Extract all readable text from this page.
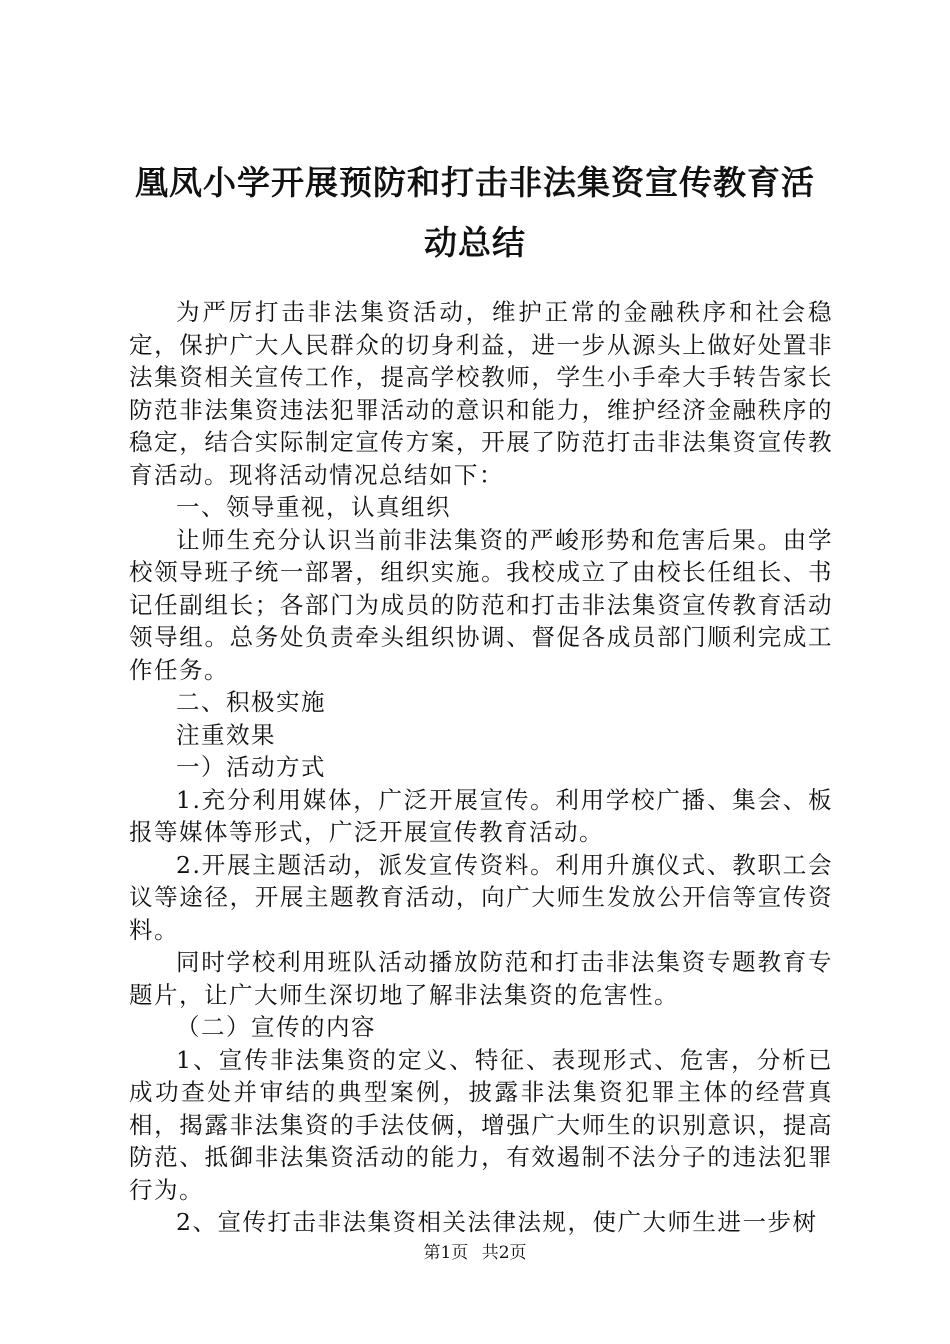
凰凤小学开展预防和打击非法集资宣传教育活
动总结

为严厉打击非法集资活动，维护正常的金融秩序和社会稳定，保护广大人民群众的切身利益，进一步从源头上做好处置非法集资相关宣传工作，提高学校教师，学生小手牵大手转告家长防范非法集资违法犯罪活动的意识和能力，维护经济金融秩序的稳定，结合实际制定宣传方案，开展了防范打击非法集资宣传教育活动。现将活动情况总结如下：

一、领导重视，认真组织

让师生充分认识当前非法集资的严峻形势和危害后果。由学校领导班子统一部署，组织实施。我校成立了由校长任组长、书记任副组长；各部门为成员的防范和打击非法集资宣传教育活动领导组。总务处负责牵头组织协调、督促各成员部门顺利完成工作任务。

二、积极实施

注重效果

一）活动方式

1.充分利用媒体，广泛开展宣传。利用学校广播、集会、板报等媒体等形式，广泛开展宣传教育活动。

2.开展主题活动，派发宣传资料。利用升旗仪式、教职工会议等途径，开展主题教育活动，向广大师生发放公开信等宣传资料。

同时学校利用班队活动播放防范和打击非法集资专题教育专题片，让广大师生深切地了解非法集资的危害性。

（二）宣传的内容

1、宣传非法集资的定义、特征、表现形式、危害，分析已成功查处并审结的典型案例，披露非法集资犯罪主体的经营真相，揭露非法集资的手法伎俩，增强广大师生的识别意识，提高防范、抵御非法集资活动的能力，有效遏制不法分子的违法犯罪行为。

2、宣传打击非法集资相关法律法规，使广大师生进一步树

第1页 共2页
